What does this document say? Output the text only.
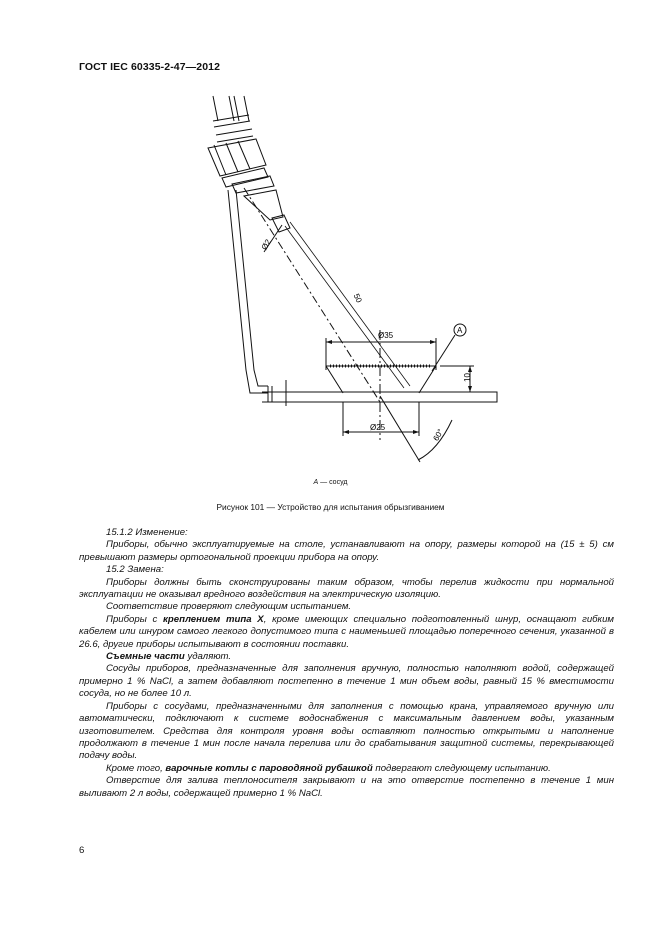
ГОСТ IEC 60335-2-47—2012
A
Ø2
50
Ø35
10
Ø25	60°
A — сосуд
Рисунок 101 — Устройство для испытания обрызгиванием

15.1.2 Изменение:

Приборы, обычно эксплуатируемые на столе, устанавливают на опору, размеры которой на (15 ± 5) см превышают размеры ортогональной проекции прибора на опору.

15.2 Замена:

Приборы должны быть сконструированы таким образом, чтобы перелив жидкости при нормальной эксплуатации не оказывал вредного воздействия на электрическую изоляцию.

Соответствие проверяют следующим испытанием.

Приборы с креплением типа X, кроме имеющих специально подготовленный шнур, оснащают гибким кабелем или шнуром самого легкого допустимого типа с наименьшей площадью поперечного сечения, указанной в 26.6, другие приборы испытывают в состоянии поставки.

Съемные части удаляют.

Сосуды приборов, предназначенные для заполнения вручную, полностью наполняют водой, содержащей примерно 1 % NaCl, а затем добавляют постепенно в течение 1 мин объем воды, равный 15 % вместимости сосуда, но не более 10 л.

Приборы с сосудами, предназначенными для заполнения с помощью крана, управляемого вручную или автоматически, подключают к системе водоснабжения с максимальным давлением воды, указанным изготовителем. Средства для контроля уровня воды оставляют полностью открытыми и наполнение продолжают в течение 1 мин после начала перелива или до срабатывания защитной системы, перекрывающей подачу воды.

Кроме того, варочные котлы с пароводяной рубашкой подвергают следующему испытанию.

Отверстие для залива теплоносителя закрывают и на это отверстие постепенно в течение 1 мин выливают 2 л воды, содержащей примерно 1 % NaCl.

6
